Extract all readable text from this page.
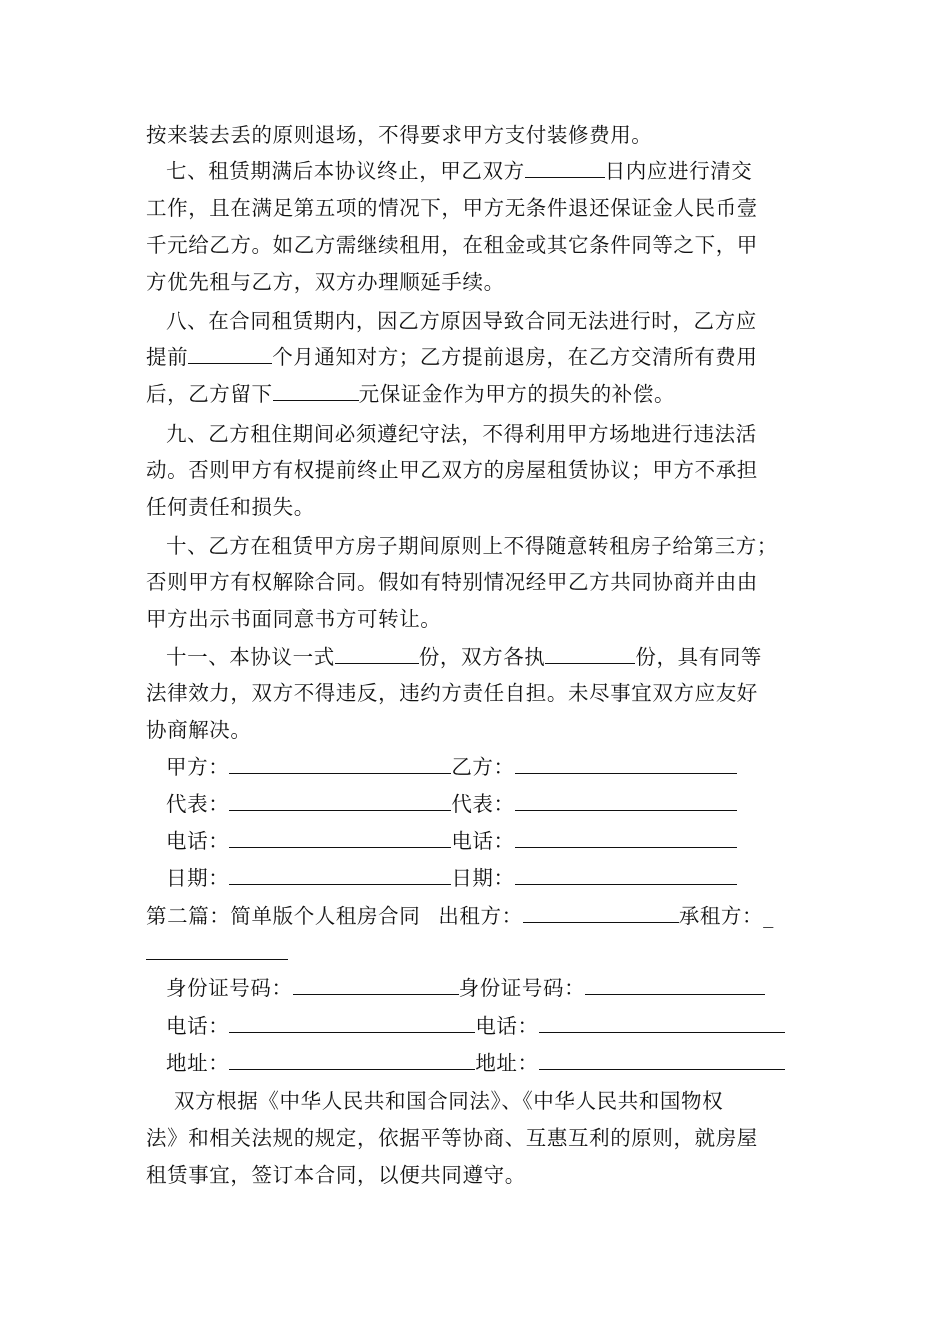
按来装去丢的原则退场，不得要求甲方支付装修费用。
七、租赁期满后本协议终止，甲乙双方	日内应进行清交
工作，且在满足第五项的情况下，甲方无条件退还保证金人民币壹
千元给乙方。如乙方需继续租用，在租金或其它条件同等之下，甲
方优先租与乙方，双方办理顺延手续。
八、在合同租赁期内，因乙方原因导致合同无法进行时，乙方应
提前	个月通知对方；乙方提前退房，在乙方交清所有费用
后，乙方留下	元保证金作为甲方的损失的补偿。
九、乙方租住期间必须遵纪守法，不得利用甲方场地进行违法活
动。否则甲方有权提前终止甲乙双方的房屋租赁协议；甲方不承担
任何责任和损失。
十、乙方在租赁甲方房子期间原则上不得随意转租房子给第三方；
否则甲方有权解除合同。假如有特别情况经甲乙方共同协商并由由
甲方出示书面同意书方可转让。
十一、本协议一式	份，双方各执	份，具有同等
法律效力，双方不得违反，违约方责任自担。未尽事宜双方应友好
协商解决。
甲方：	乙方：
代表：	代表：
电话：	电话：
日期：	日期：
第二篇：简单版个人租房合同 出租方：	承租方：_
身份证号码：	身份证号码：
电话：	电话：
地址：	地址：
双方根据《中华人民共和国合同法》、《中华人民共和国物权
法》和相关法规的规定，依据平等协商、互惠互利的原则，就房屋
租赁事宜，签订本合同，以便共同遵守。
